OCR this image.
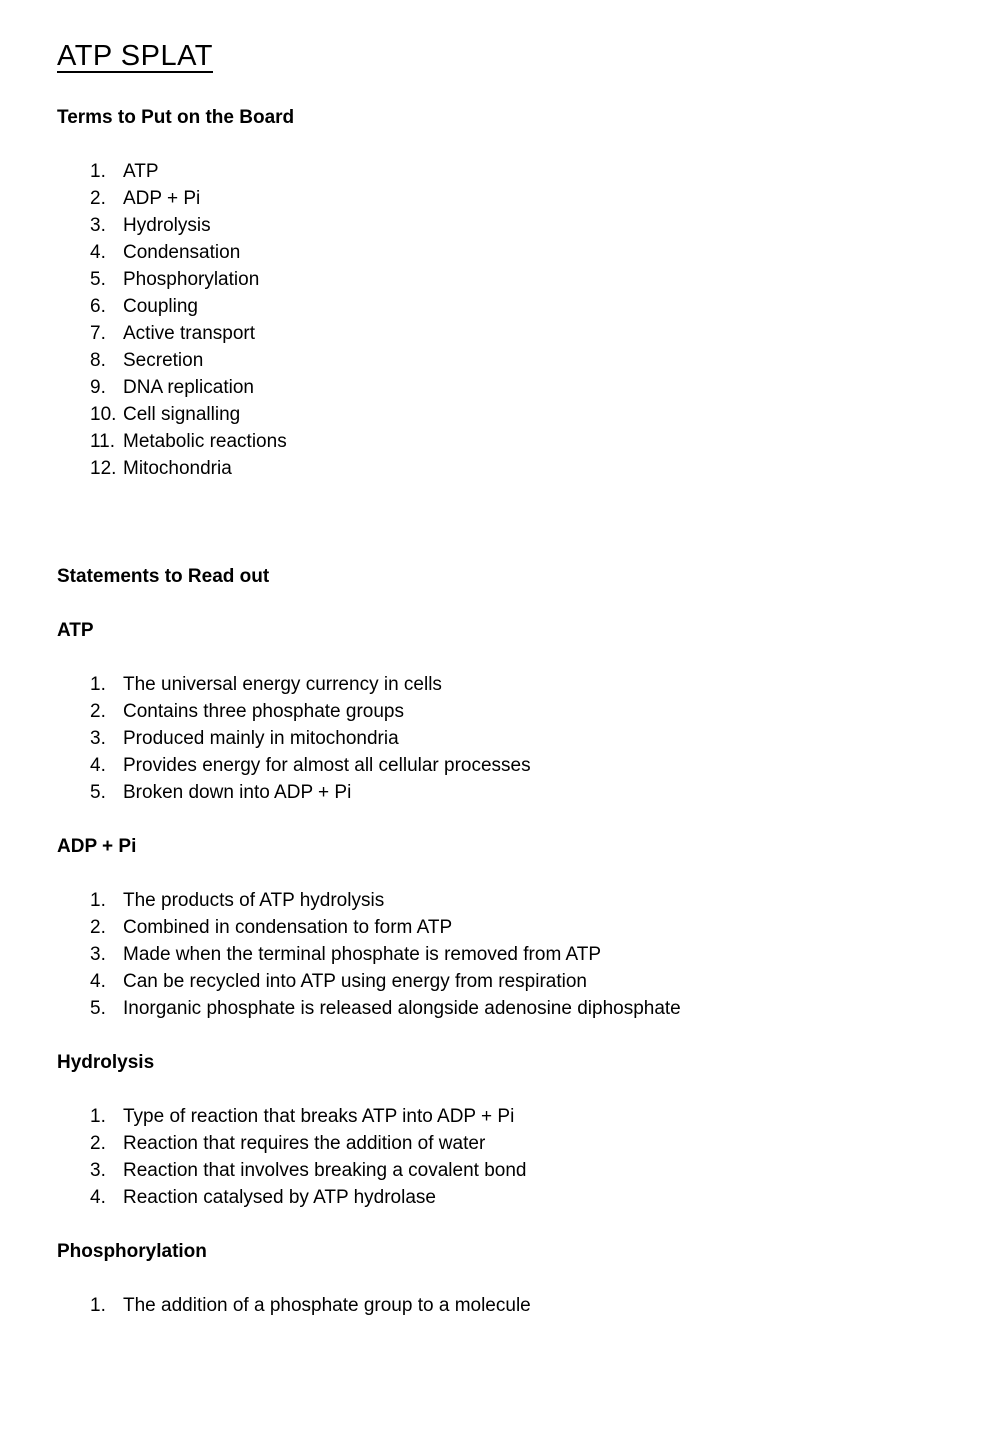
ATP SPLAT

Terms to Put on the Board

ATP
ADP + Pi
Hydrolysis
Condensation
Phosphorylation
Coupling
Active transport
Secretion
DNA replication
Cell signalling
Metabolic reactions
Mitochondria

Statements to Read out

ATP

The universal energy currency in cells
Contains three phosphate groups
Produced mainly in mitochondria
Provides energy for almost all cellular processes
Broken down into ADP + Pi

ADP + Pi

The products of ATP hydrolysis
Combined in condensation to form ATP
Made when the terminal phosphate is removed from ATP
Can be recycled into ATP using energy from respiration
Inorganic phosphate is released alongside adenosine diphosphate

Hydrolysis

Type of reaction that breaks ATP into ADP + Pi
Reaction that requires the addition of water
Reaction that involves breaking a covalent bond
Reaction catalysed by ATP hydrolase

Phosphorylation

The addition of a phosphate group to a molecule
